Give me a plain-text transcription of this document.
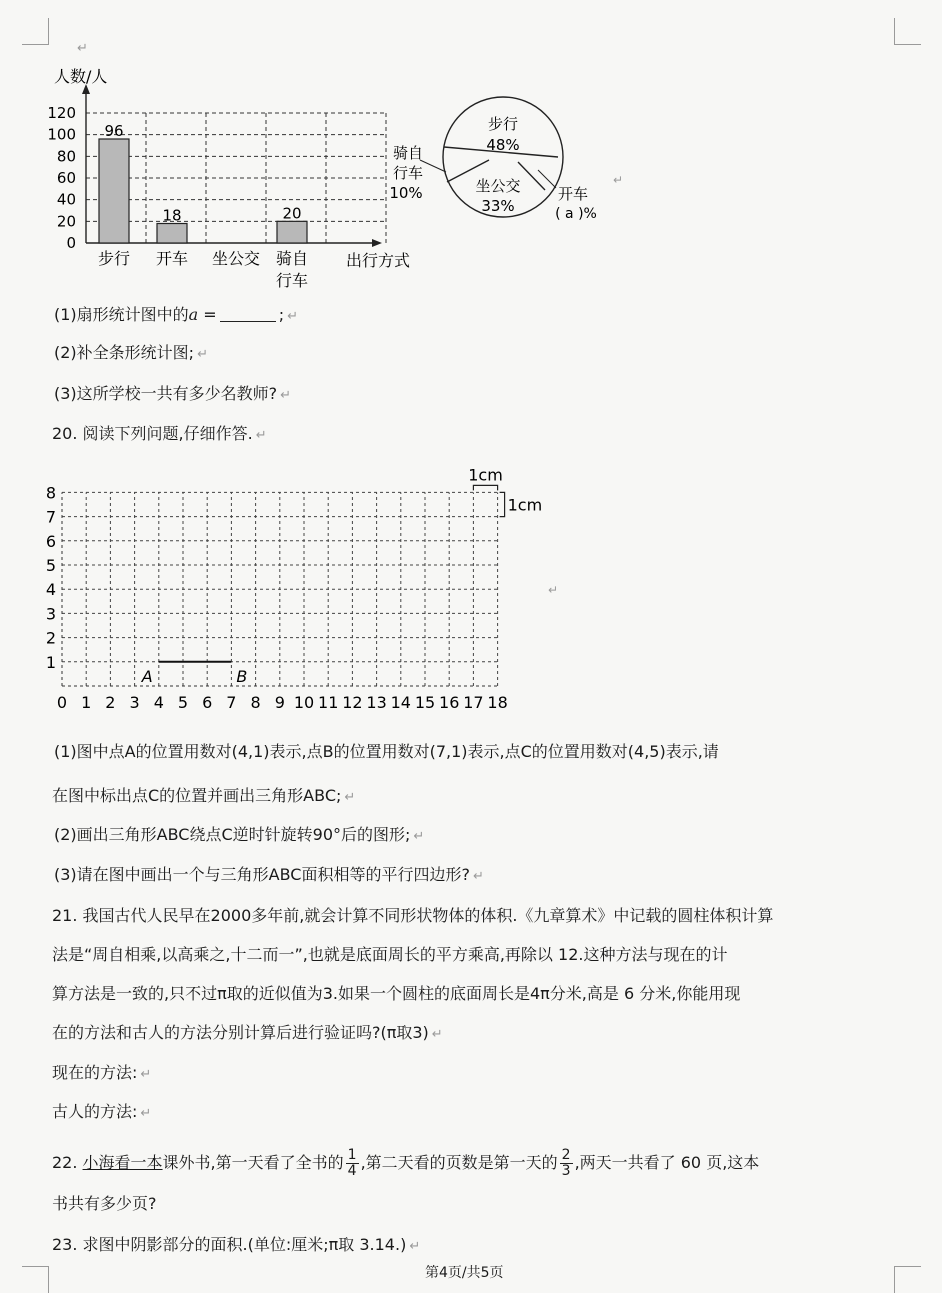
↵
人数/人
出行方式
0
20
40
60
80
100
120
96
步行
18
开车 坐公交
20
骑自
行车
步行
48%
坐公交
33%
骑自
行车
10%	开车
( a )%
↵
(1)扇形统计图中的a =	; ↵
(2)补全条形统计图; ↵
(3)这所学校一共有多少名教师? ↵
20. 阅读下列问题,仔细作答. ↵
0 1 2 3 4 5 6 7 8 9 10 11 12 13 14 15 16 17 18
1
2
3
4
5
6
7
8
A	B
1cm
1cm
↵
(1)图中点A的位置用数对(4,1)表示,点B的位置用数对(7,1)表示,点C的位置用数对(4,5)表示,请
在图中标出点C的位置并画出三角形ABC; ↵
(2)画出三角形ABC绕点C逆时针旋转90°后的图形; ↵
(3)请在图中画出一个与三角形ABC面积相等的平行四边形? ↵
21. 我国古代人民早在2000多年前,就会计算不同形状物体的体积.《九章算术》中记载的圆柱体积计算
法是“周自相乘,以高乘之,十二而一”,也就是底面周长的平方乘高,再除以 12.这种方法与现在的计
算方法是一致的,只不过π取的近似值为3.如果一个圆柱的底面周长是4π分米,高是 6 分米,你能用现
在的方法和古人的方法分别计算后进行验证吗?(π取3) ↵
现在的方法: ↵
古人的方法: ↵
22. 小海看一本课外书,第一天看了全书的 $\frac{1}{4}$ ,第二天看的页数是第一天的 $\frac{2}{3}$ ,两天一共看了 60 页,这本
书共有多少页?
23. 求图中阴影部分的面积.(单位:厘米;π取 3.14.) ↵
第4页/共5页
